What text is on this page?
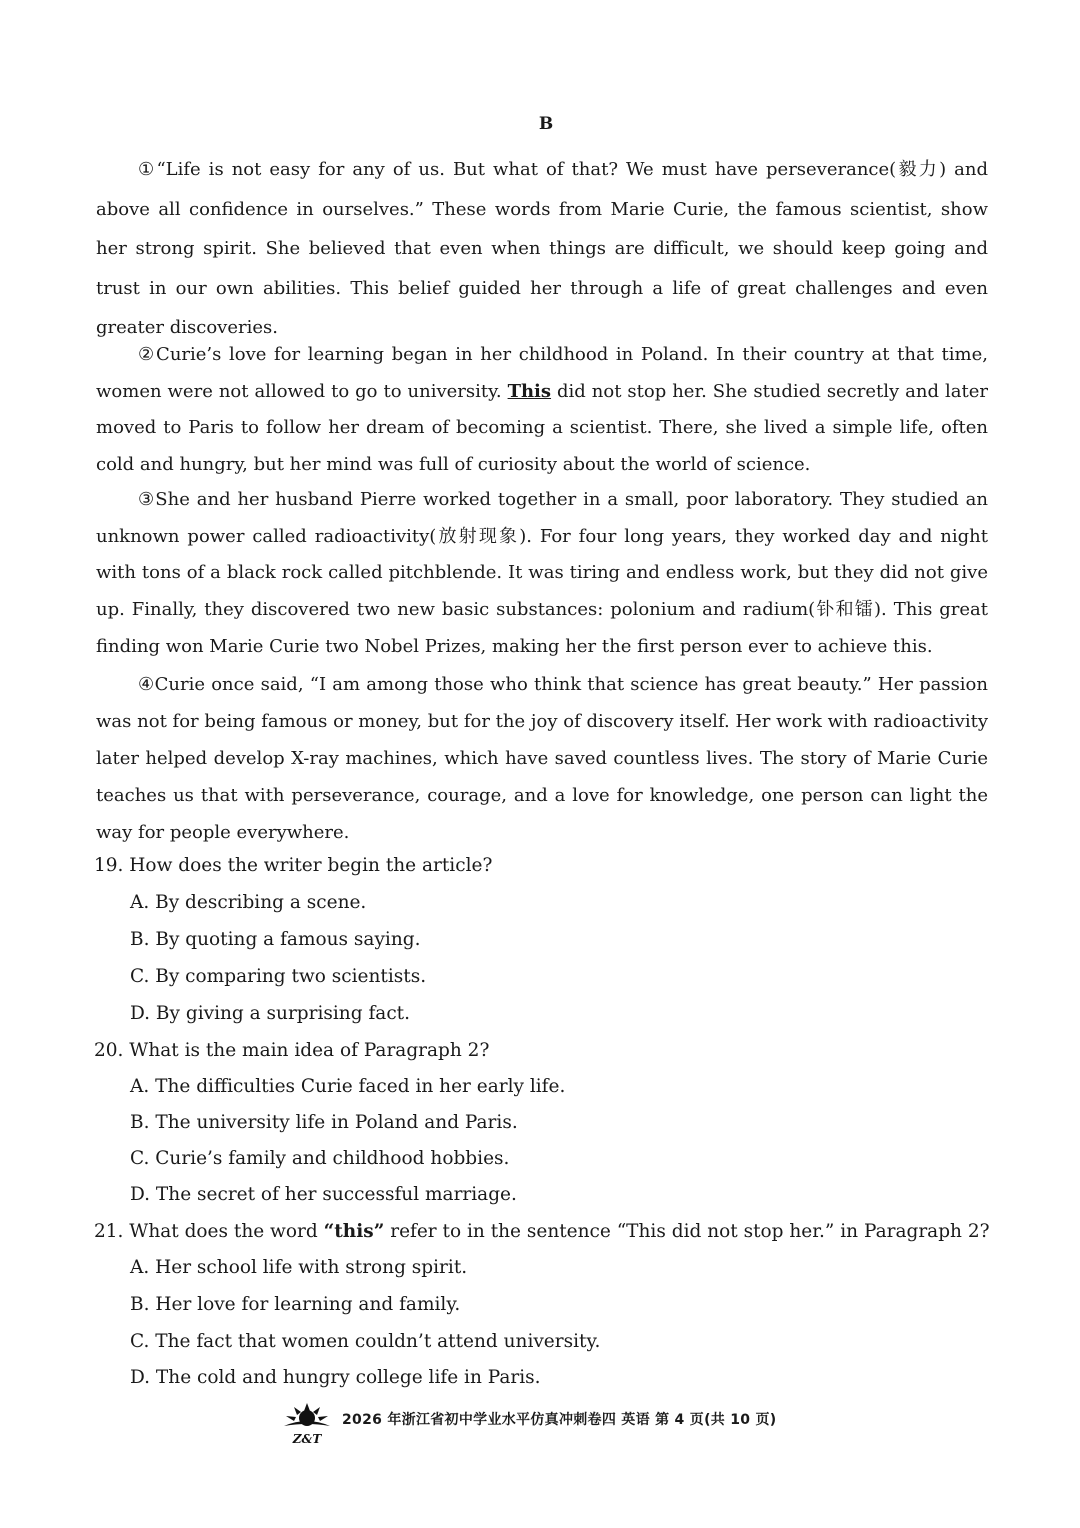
B

①“Life is not easy for any of us. But what of that? We must have perseverance(毅力) and above all confidence in ourselves.” These words from Marie Curie, the famous scientist, show her strong spirit. She believed that even when things are difficult, we should keep going and trust in our own abilities. This belief guided her through a life of great challenges and even greater discoveries.

②Curie’s love for learning began in her childhood in Poland. In their country at that time, women were not allowed to go to university. This did not stop her. She studied secretly and later moved to Paris to follow her dream of becoming a scientist. There, she lived a simple life, often cold and hungry, but her mind was full of curiosity about the world of science.

③She and her husband Pierre worked together in a small, poor laboratory. They studied an unknown power called radioactivity(放射现象). For four long years, they worked day and night with tons of a black rock called pitchblende. It was tiring and endless work, but they did not give up. Finally, they discovered two new basic substances: polonium and radium(钋和镭). This great finding won Marie Curie two Nobel Prizes, making her the first person ever to achieve this.

④Curie once said, “I am among those who think that science has great beauty.” Her passion was not for being famous or money, but for the joy of discovery itself. Her work with radioactivity later helped develop X-ray machines, which have saved countless lives. The story of Marie Curie teaches us that with perseverance, courage, and a love for knowledge, one person can light the way for people everywhere.

19. How does the writer begin the article?
A. By describing a scene.
B. By quoting a famous saying.
C. By comparing two scientists.
D. By giving a surprising fact.
20. What is the main idea of Paragraph 2?
A. The difficulties Curie faced in her early life.
B. The university life in Poland and Paris.
C. Curie’s family and childhood hobbies.
D. The secret of her successful marriage.
21. What does the word “this” refer to in the sentence “This did not stop her.” in Paragraph 2?
A. Her school life with strong spirit.
B. Her love for learning and family.
C. The fact that women couldn’t attend university.
D. The cold and hungry college life in Paris.
Z&T
2026 年浙江省初中学业水平仿真冲刺卷四 英语 第 4 页(共 10 页)
